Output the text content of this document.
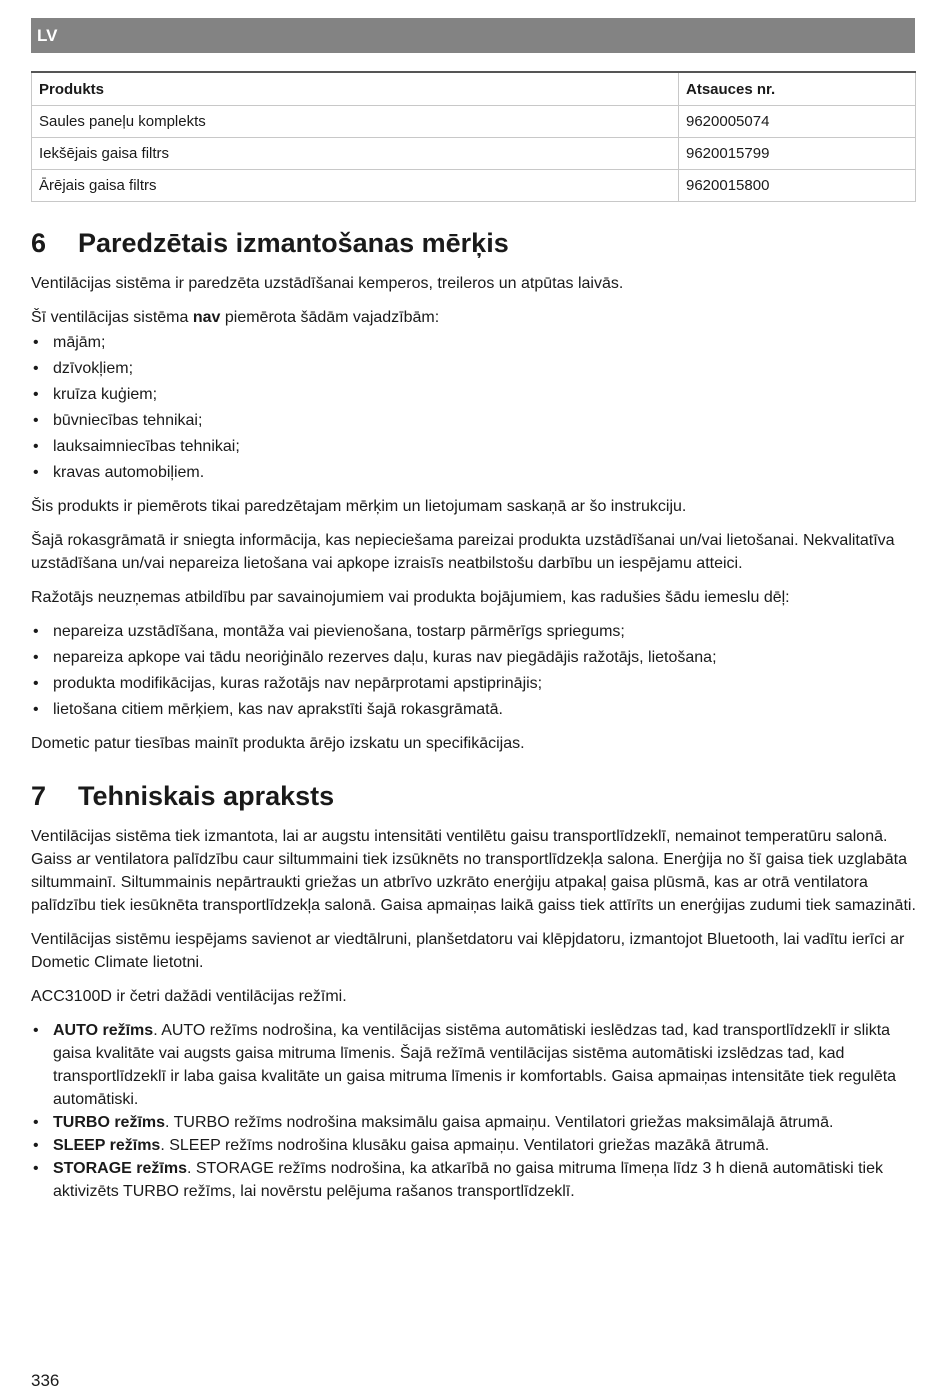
LV
Produkts	Atsauces nr.
Saules paneļu komplekts	9620005074
Iekšējais gaisa filtrs	9620015799
Ārējais gaisa filtrs	9620015800
6 Paredzētais izmantošanas mērķis

Ventilācijas sistēma ir paredzēta uzstādīšanai kemperos, treileros un atpūtas laivās.

Šī ventilācijas sistēma nav piemērota šādām vajadzībām:

• mājām;
• dzīvokļiem;
• kruīza kuģiem;
• būvniecības tehnikai;
• lauksaimniecības tehnikai;
• kravas automobiļiem.

Šis produkts ir piemērots tikai paredzētajam mērķim un lietojumam saskaņā ar šo instrukciju.

Šajā rokasgrāmatā ir sniegta informācija, kas nepieciešama pareizai produkta uzstādīšanai un/vai lietošanai. Nekvalitatīva uzstādīšana un/vai nepareiza lietošana vai apkope izraisīs neatbilstošu darbību un iespējamu atteici.

Ražotājs neuzņemas atbildību par savainojumiem vai produkta bojājumiem, kas radušies šādu iemeslu dēļ:

• nepareiza uzstādīšana, montāža vai pievienošana, tostarp pārmērīgs spriegums;
• nepareiza apkope vai tādu neoriģinālo rezerves daļu, kuras nav piegādājis ražotājs, lietošana;
• produkta modifikācijas, kuras ražotājs nav nepārprotami apstiprinājis;
• lietošana citiem mērķiem, kas nav aprakstīti šajā rokasgrāmatā.

Dometic patur tiesības mainīt produkta ārējo izskatu un specifikācijas.

7 Tehniskais apraksts

Ventilācijas sistēma tiek izmantota, lai ar augstu intensitāti ventilētu gaisu transportlīdzeklī, nemainot temperatūru salonā. Gaiss ar ventilatora palīdzību caur siltummaini tiek izsūknēts no transportlīdzekļa salona. Enerģija no šī gaisa tiek uzglabāta siltummainī. Siltummainis nepārtraukti griežas un atbrīvo uzkrāto enerģiju atpakaļ gaisa plūsmā, kas ar otrā ventilatora palīdzību tiek iesūknēta transportlīdzekļa salonā. Gaisa apmaiņas laikā gaiss tiek attīrīts un enerģijas zudumi tiek samazināti.

Ventilācijas sistēmu iespējams savienot ar viedtālruni, planšetdatoru vai klēpjdatoru, izmantojot Bluetooth, lai vadītu ierīci ar Dometic Climate lietotni.

ACC3100D ir četri dažādi ventilācijas režīmi.

• AUTO režīms. AUTO režīms nodrošina, ka ventilācijas sistēma automātiski ieslēdzas tad, kad transportlīdzeklī ir slikta gaisa kvalitāte vai augsts gaisa mitruma līmenis. Šajā režīmā ventilācijas sistēma automātiski izslēdzas tad, kad transportlīdzeklī ir laba gaisa kvalitāte un gaisa mitruma līmenis ir komfortabls. Gaisa apmaiņas intensitāte tiek regulēta automātiski.
• TURBO režīms. TURBO režīms nodrošina maksimālu gaisa apmaiņu. Ventilatori griežas maksimālajā ātrumā.
• SLEEP režīms. SLEEP režīms nodrošina klusāku gaisa apmaiņu. Ventilatori griežas mazākā ātrumā.
• STORAGE režīms. STORAGE režīms nodrošina, ka atkarībā no gaisa mitruma līmeņa līdz 3 h dienā automātiski tiek aktivizēts TURBO režīms, lai novērstu pelējuma rašanos transportlīdzeklī.
336
